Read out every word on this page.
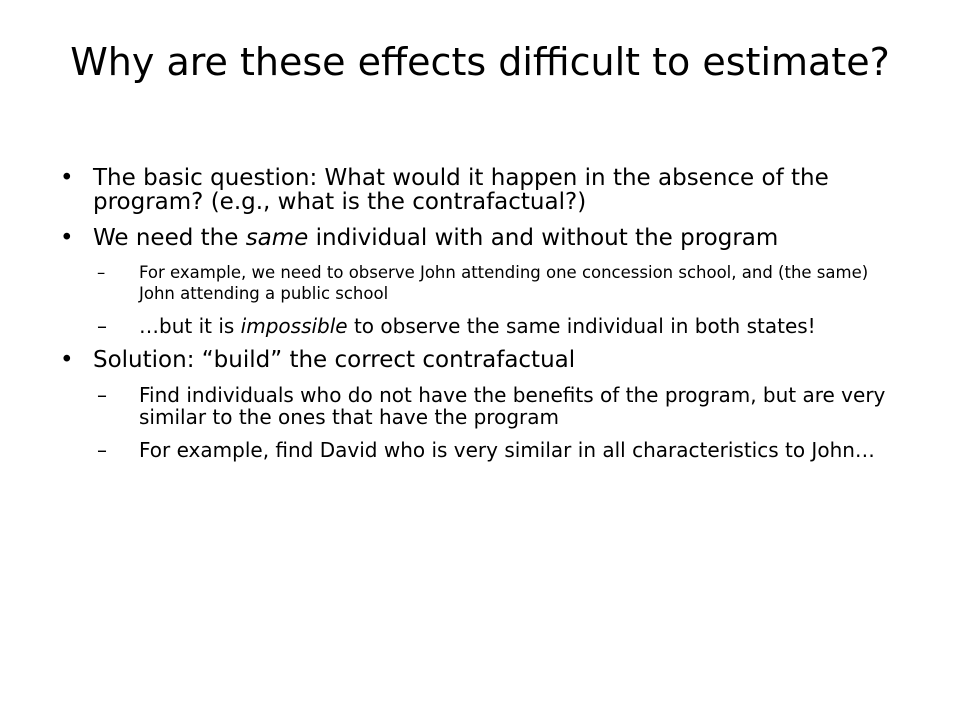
Why are these effects difficult to estimate?
• The basic question: What would it happen in the absence of the program? (e.g., what is the contrafactual?)
• We need the same individual with and without the program
– For example, we need to observe John attending one concession school, and (the same) John attending a public school
– …but it is impossible to observe the same individual in both states!
• Solution: “build” the correct contrafactual
– Find individuals who do not have the benefits of the program, but are very similar to the ones that have the program
– For example, find David who is very similar in all characteristics to John…
